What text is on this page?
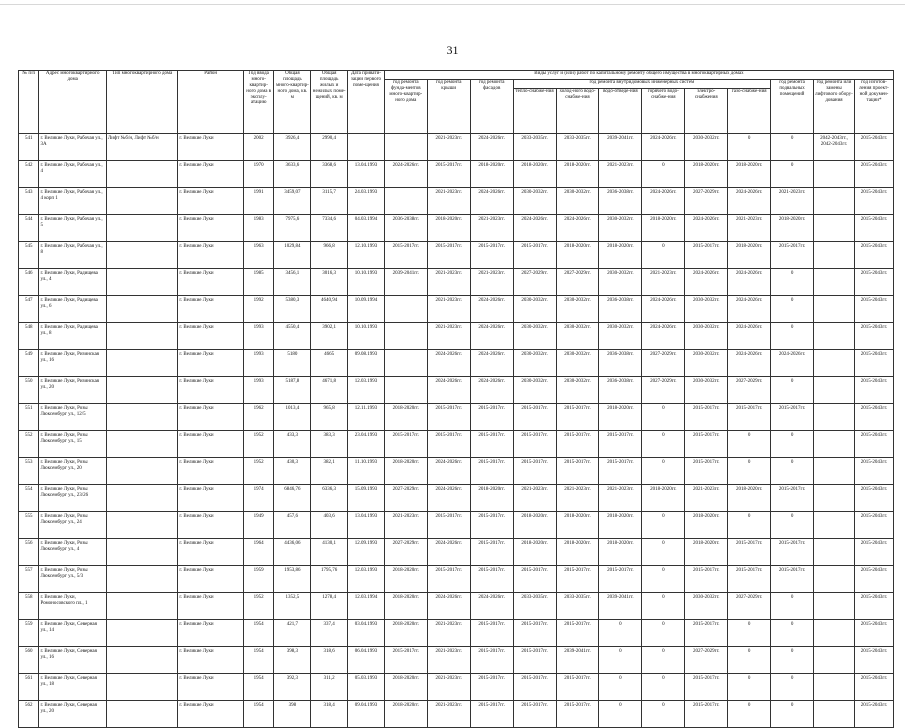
31
№ п/п	Адрес многоквартирного дома	Тип многоквартирного дома	Район	Год ввода много-квартир-ного дома в эксплу-атацию	Общая площадь много-квартир-ного дома, кв. м	Общая площадь жилых и нежилых поме-щений, кв. м	Дата привати-зации первого поме-щения	Виды услуг и (или) работ по капитальному ремонту общего имущества в многоквартирных домах											
								год ремонта фунда-ментов много-квартир-ного дома	год ремонта крыши	год ремонта фасадов	год ремонта внутридомовых инженерных систем						год ремонта подвальных помещений	год ремонта или замены лифтового обору-дования	год изготов-ления проект-ной докумен-тации*
											тепло-снабже-ния	холод-ного водо-снабже-ния	водо-отведе-ния	горячего водо-снабже-ния	электро-снабжения	газо-снабже-ния			
541	г. Великие Луки, Рабочая ул., 3А	Лифт №б/н, Лифт №б/н	г. Великие Луки	2002	3926,4	2990,4			2021-2023гг.	2024-2026гг.	2033-2035гг.	2033-2035гг.	2039-2041гг.	2024-2026гг.	2030-2032гг.	0	0	2042-2043гг., 2042-2043гг.	2015-2043гг.
542	г. Великие Луки, Рабочая ул., 4		г. Великие Луки	1970	3633,6	3368,6	13.04.1993	2024-2026гг.	2015-2017гг.	2018-2020гг.	2018-2020гг.	2018-2020гг.	2021-2023гг.	0	2018-2020гг.	2018-2020гг.	0		2015-2043гг.
543	г. Великие Луки, Рабочая ул., 4 корп 1		г. Великие Луки	1991	3459,07	3115,7	24.03.1993		2021-2023гг.	2024-2026гг.	2030-2032гг.	2030-2032гг.	2036-2038гг.	2024-2026гг.	2027-2029гг.	2024-2026гг.	2021-2023гг.		2015-2043гг.
544	г. Великие Луки, Рабочая ул., 5		г. Великие Луки	1983	7975,6	7334,6	04.03.1994	2036-2038гг.	2018-2020гг.	2021-2023гг.	2024-2026гг.	2024-2026гг.	2030-2032гг.	2018-2020гг.	2024-2026гг.	2021-2023гг.	2018-2020гг.		2015-2043гг.
545	г. Великие Луки, Рабочая ул., 8		г. Великие Луки	1963	1029,84	966,8	12.10.1993	2015-2017гг.	2015-2017гг.	2015-2017гг.	2015-2017гг.	2018-2020гг.	2018-2020гг.	0	2015-2017гг.	2018-2020гг.	2015-2017гг.		2015-2043гг.
546	г. Великие Луки, Радищева ул., 4		г. Великие Луки	1985	3456,1	3016,3	10.10.1993	2039-2041гг.	2021-2023гг.	2021-2023гг.	2027-2029гг.	2027-2029гг.	2030-2032гг.	2021-2023гг.	2024-2026гг.	2024-2026гг.	0		2015-2043гг.
547	г. Великие Луки, Радищева ул., 6		г. Великие Луки	1992	5380,3	4640,94	10.09.1994		2021-2023гг.	2024-2026гг.	2030-2032гг.	2030-2032гг.	2036-2038гг.	2024-2026гг.	2030-2032гг.	2024-2026гг.	0		2015-2043гг.
548	г. Великие Луки, Радищева ул., 8		г. Великие Луки	1993	4550,4	3902,1	10.10.1993		2021-2023гг.	2024-2026гг.	2030-2032гг.	2030-2032гг.	2030-2032гг.	2024-2026гг.	2030-2032гг.	2024-2026гг.	0		2015-2043гг.
549	г. Великие Луки, Ризинская ул., 16		г. Великие Луки	1993	5180	4665	09.08.1993		2024-2026гг.	2024-2026гг.	2030-2032гг.	2030-2032гг.	2036-2038гг.	2027-2029гг.	2030-2032гг.	2024-2026гг.	2024-2026гг.		2015-2043гг.
550	г. Великие Луки, Ризинская ул., 20		г. Великие Луки	1993	5187,8	4671,8	12.03.1993		2024-2026гг.	2024-2026гг.	2030-2032гг.	2030-2032гг.	2036-2038гг.	2027-2029гг.	2030-2032гг.	2027-2029гг.	0		2015-2043гг.
551	г. Великие Луки, Розы Люксембург ул., 12/5		г. Великие Луки	1962	1013,4	965,8	12.11.1993	2018-2020гг.	2015-2017гг.	2015-2017гг.	2015-2017гг.	2015-2017гг.	2018-2020гг.	0	2015-2017гг.	2015-2017гг.	2015-2017гг.		2015-2043гг.
552	г. Великие Луки, Розы Люксембург ул., 15		г. Великие Луки	1952	433,3	383,3	23.04.1993	2015-2017гг.	2015-2017гг.	2015-2017гг.	2015-2017гг.	2015-2017гг.	2015-2017гг.	0	2015-2017гг.	0	0		2015-2043гг.
553	г. Великие Луки, Розы Люксембург ул., 20		г. Великие Луки	1952	430,3	382,1	11.10.1993	2018-2020гг.	2024-2026гг.	2015-2017гг.	2015-2017гг.	2015-2017гг.	2015-2017гг.	0	2015-2017гг.	0	0		2015-2043гг.
554	г. Великие Луки, Розы Люксембург ул., 23/26		г. Великие Луки	1974	6846,76	6336,3	15.09.1993	2027-2029гг.	2024-2026гг.	2018-2020гг.	2021-2023гг.	2021-2023гг.	2021-2023гг.	2018-2020гг.	2021-2023гг.	2018-2020гг.	2015-2017гг.		2015-2043гг.
555	г. Великие Луки, Розы Люксембург ул., 24		г. Великие Луки	1949	457,6	403,6	13.04.1993	2021-2023гг.	2015-2017гг.	2015-2017гг.	2018-2020гг.	2018-2020гг.	2018-2020гг.	0	2018-2020гг.	0	0		2015-2043гг.
556	г. Великие Луки, Розы Люксембург ул., 4		г. Великие Луки	1964	4436,06	4130,1	12.09.1993	2027-2029гг.	2024-2026гг.	2015-2017гг.	2018-2020гг.	2018-2020гг.	2018-2020гг.	0	2018-2020гг.	2015-2017гг.	2015-2017гг.		2015-2043гг.
557	г. Великие Луки, Розы Люксембург ул., 5/3		г. Великие Луки	1959	1953,86	1795,76	12.03.1993	2018-2020гг.	2015-2017гг.	2015-2017гг.	2015-2017гг.	2015-2017гг.	2015-2017гг.	0	2015-2017гг.	2015-2017гг.	2015-2017гг.		2015-2043гг.
558	г. Великие Луки, Ромоносовского пл., 1		г. Великие Луки	1952	1352,5	1278,4	12.03.1994	2018-2020гг.	2024-2026гг.	2024-2026гг.	2033-2035гг.	2033-2035гг.	2039-2041гг.	0	2030-2032гг.	2027-2029гг.	0		2015-2043гг.
559	г. Великие Луки, Северная ул., 14		г. Великие Луки	1954	421,7	337,4	03.04.1993	2018-2020гг.	2021-2023гг.	2015-2017гг.	2015-2017гг.	2015-2017гг.	0	0	2015-2017гг.	0	0		2015-2043гг.
560	г. Великие Луки, Северная ул., 16		г. Великие Луки	1954	398,3	318,6	06.04.1993	2015-2017гг.	2021-2023гг.	2015-2017гг.	2015-2017гг.	2039-2041гг.	0	0	2027-2029гг.	0	0		2015-2043гг.
561	г. Великие Луки, Северная ул., 18		г. Великие Луки	1954	392,3	311,2	05.03.1993	2018-2020гг.	2021-2023гг.	2015-2017гг.	2015-2017гг.	2015-2017гг.	0	0	2015-2017гг.	0	0		2015-2043гг.
562	г. Великие Луки, Северная ул., 20		г. Великие Луки	1954	398	318,4	09.04.1993	2018-2020гг.	2021-2023гг.	2015-2017гг.	2015-2017гг.	2015-2017гг.	0	0	2015-2017гг.	0	0		2015-2043гг.
